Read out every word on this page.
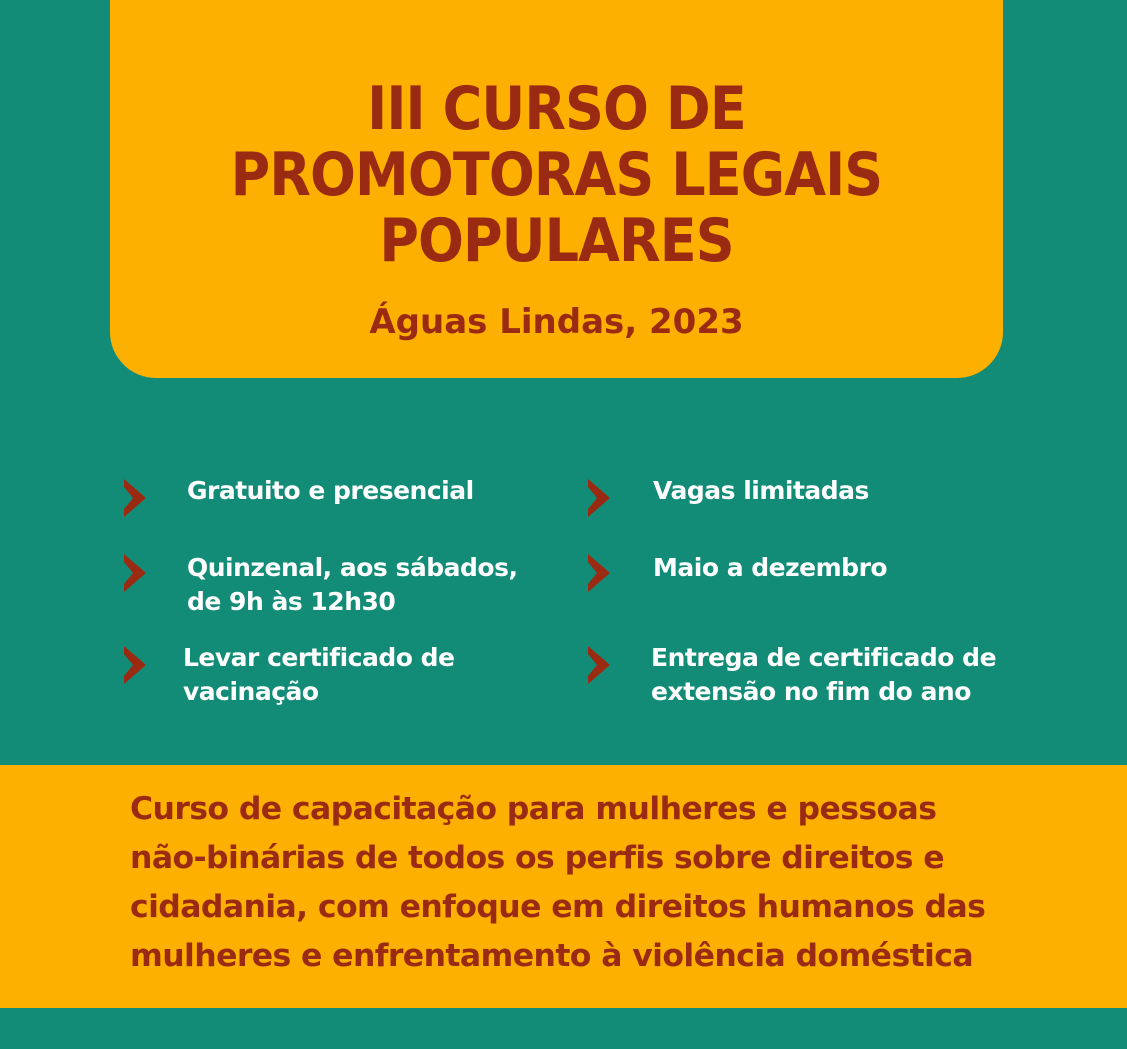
III CURSO DE
PROMOTORAS LEGAIS
POPULARES
Águas Lindas, 2023
Gratuito e presencial	Vagas limitadas
Quinzenal, aos sábados,
de 9h às 12h30
Maio a dezembro
Levar certificado de
vacinação
Entrega de certificado de
extensão no fim do ano

Curso de capacitação para mulheres e pessoas
não-binárias de todos os perfis sobre direitos e
cidadania, com enfoque em direitos humanos das
mulheres e enfrentamento à violência doméstica
